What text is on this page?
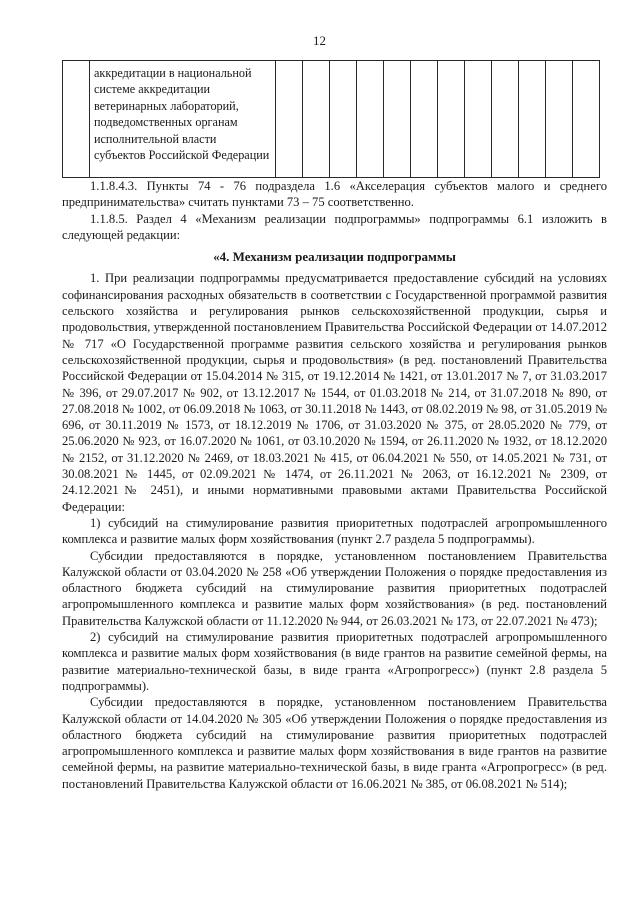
12

аккредитации в национальной системе аккредитации ветеринарных лабораторий, подведомственных органам исполнительной власти субъектов Российской Федерации

1.1.8.4.3. Пункты 74 - 76 подраздела 1.6 «Акселерация субъектов малого и среднего предпринимательства» считать пунктами 73 – 75 соответственно.

1.1.8.5. Раздел 4 «Механизм реализации подпрограммы» подпрограммы 6.1 изложить в следующей редакции:

«4. Механизм реализации подпрограммы

1. При реализации подпрограммы предусматривается предоставление субсидий на условиях софинансирования расходных обязательств в соответствии с Государственной программой развития сельского хозяйства и регулирования рынков сельскохозяйственной продукции, сырья и продовольствия, утвержденной постановлением Правительства Российской Федерации от 14.07.2012 № 717 «О Государственной программе развития сельского хозяйства и регулирования рынков сельскохозяйственной продукции, сырья и продовольствия» (в ред. постановлений Правительства Российской Федерации от 15.04.2014 № 315, от 19.12.2014 № 1421, от 13.01.2017 № 7, от 31.03.2017 № 396, от 29.07.2017 № 902, от 13.12.2017 № 1544, от 01.03.2018 № 214, от 31.07.2018 № 890, от 27.08.2018 № 1002, от 06.09.2018 № 1063, от 30.11.2018 № 1443, от 08.02.2019 № 98, от 31.05.2019 № 696, от 30.11.2019 № 1573, от 18.12.2019 № 1706, от 31.03.2020 № 375, от 28.05.2020 № 779, от 25.06.2020 № 923, от 16.07.2020 № 1061, от 03.10.2020 № 1594, от 26.11.2020 № 1932, от 18.12.2020 № 2152, от 31.12.2020 № 2469, от 18.03.2021 № 415, от 06.04.2021 № 550, от 14.05.2021 № 731, от 30.08.2021 № 1445, от 02.09.2021 № 1474, от 26.11.2021 № 2063, от 16.12.2021 № 2309, от 24.12.2021№ 2451), и иными нормативными правовыми актами Правительства Российской Федерации:

1) субсидий на стимулирование развития приоритетных подотраслей агропромышленного комплекса и развитие малых форм хозяйствования (пункт 2.7 раздела 5 подпрограммы).

Субсидии предоставляются в порядке, установленном постановлением Правительства Калужской области от 03.04.2020 № 258 «Об утверждении Положения о порядке предоставления из областного бюджета субсидий на стимулирование развития приоритетных подотраслей агропромышленного комплекса и развитие малых форм хозяйствования» (в ред. постановлений Правительства Калужской области от 11.12.2020 № 944, от 26.03.2021 № 173, от 22.07.2021 № 473);

2) субсидий на стимулирование развития приоритетных подотраслей агропромышленного комплекса и развитие малых форм хозяйствования (в виде грантов на развитие семейной фермы, на развитие материально-технической базы, в виде гранта «Агропрогресс») (пункт 2.8 раздела 5 подпрограммы).

Субсидии предоставляются в порядке, установленном постановлением Правительства Калужской области от 14.04.2020 № 305 «Об утверждении Положения о порядке предоставления из областного бюджета субсидий на стимулирование развития приоритетных подотраслей агропромышленного комплекса и развитие малых форм хозяйствования в виде грантов на развитие семейной фермы, на развитие материально-технической базы, в виде гранта «Агропрогресс» (в ред. постановлений Правительства Калужской области от 16.06.2021 № 385, от 06.08.2021 № 514);
